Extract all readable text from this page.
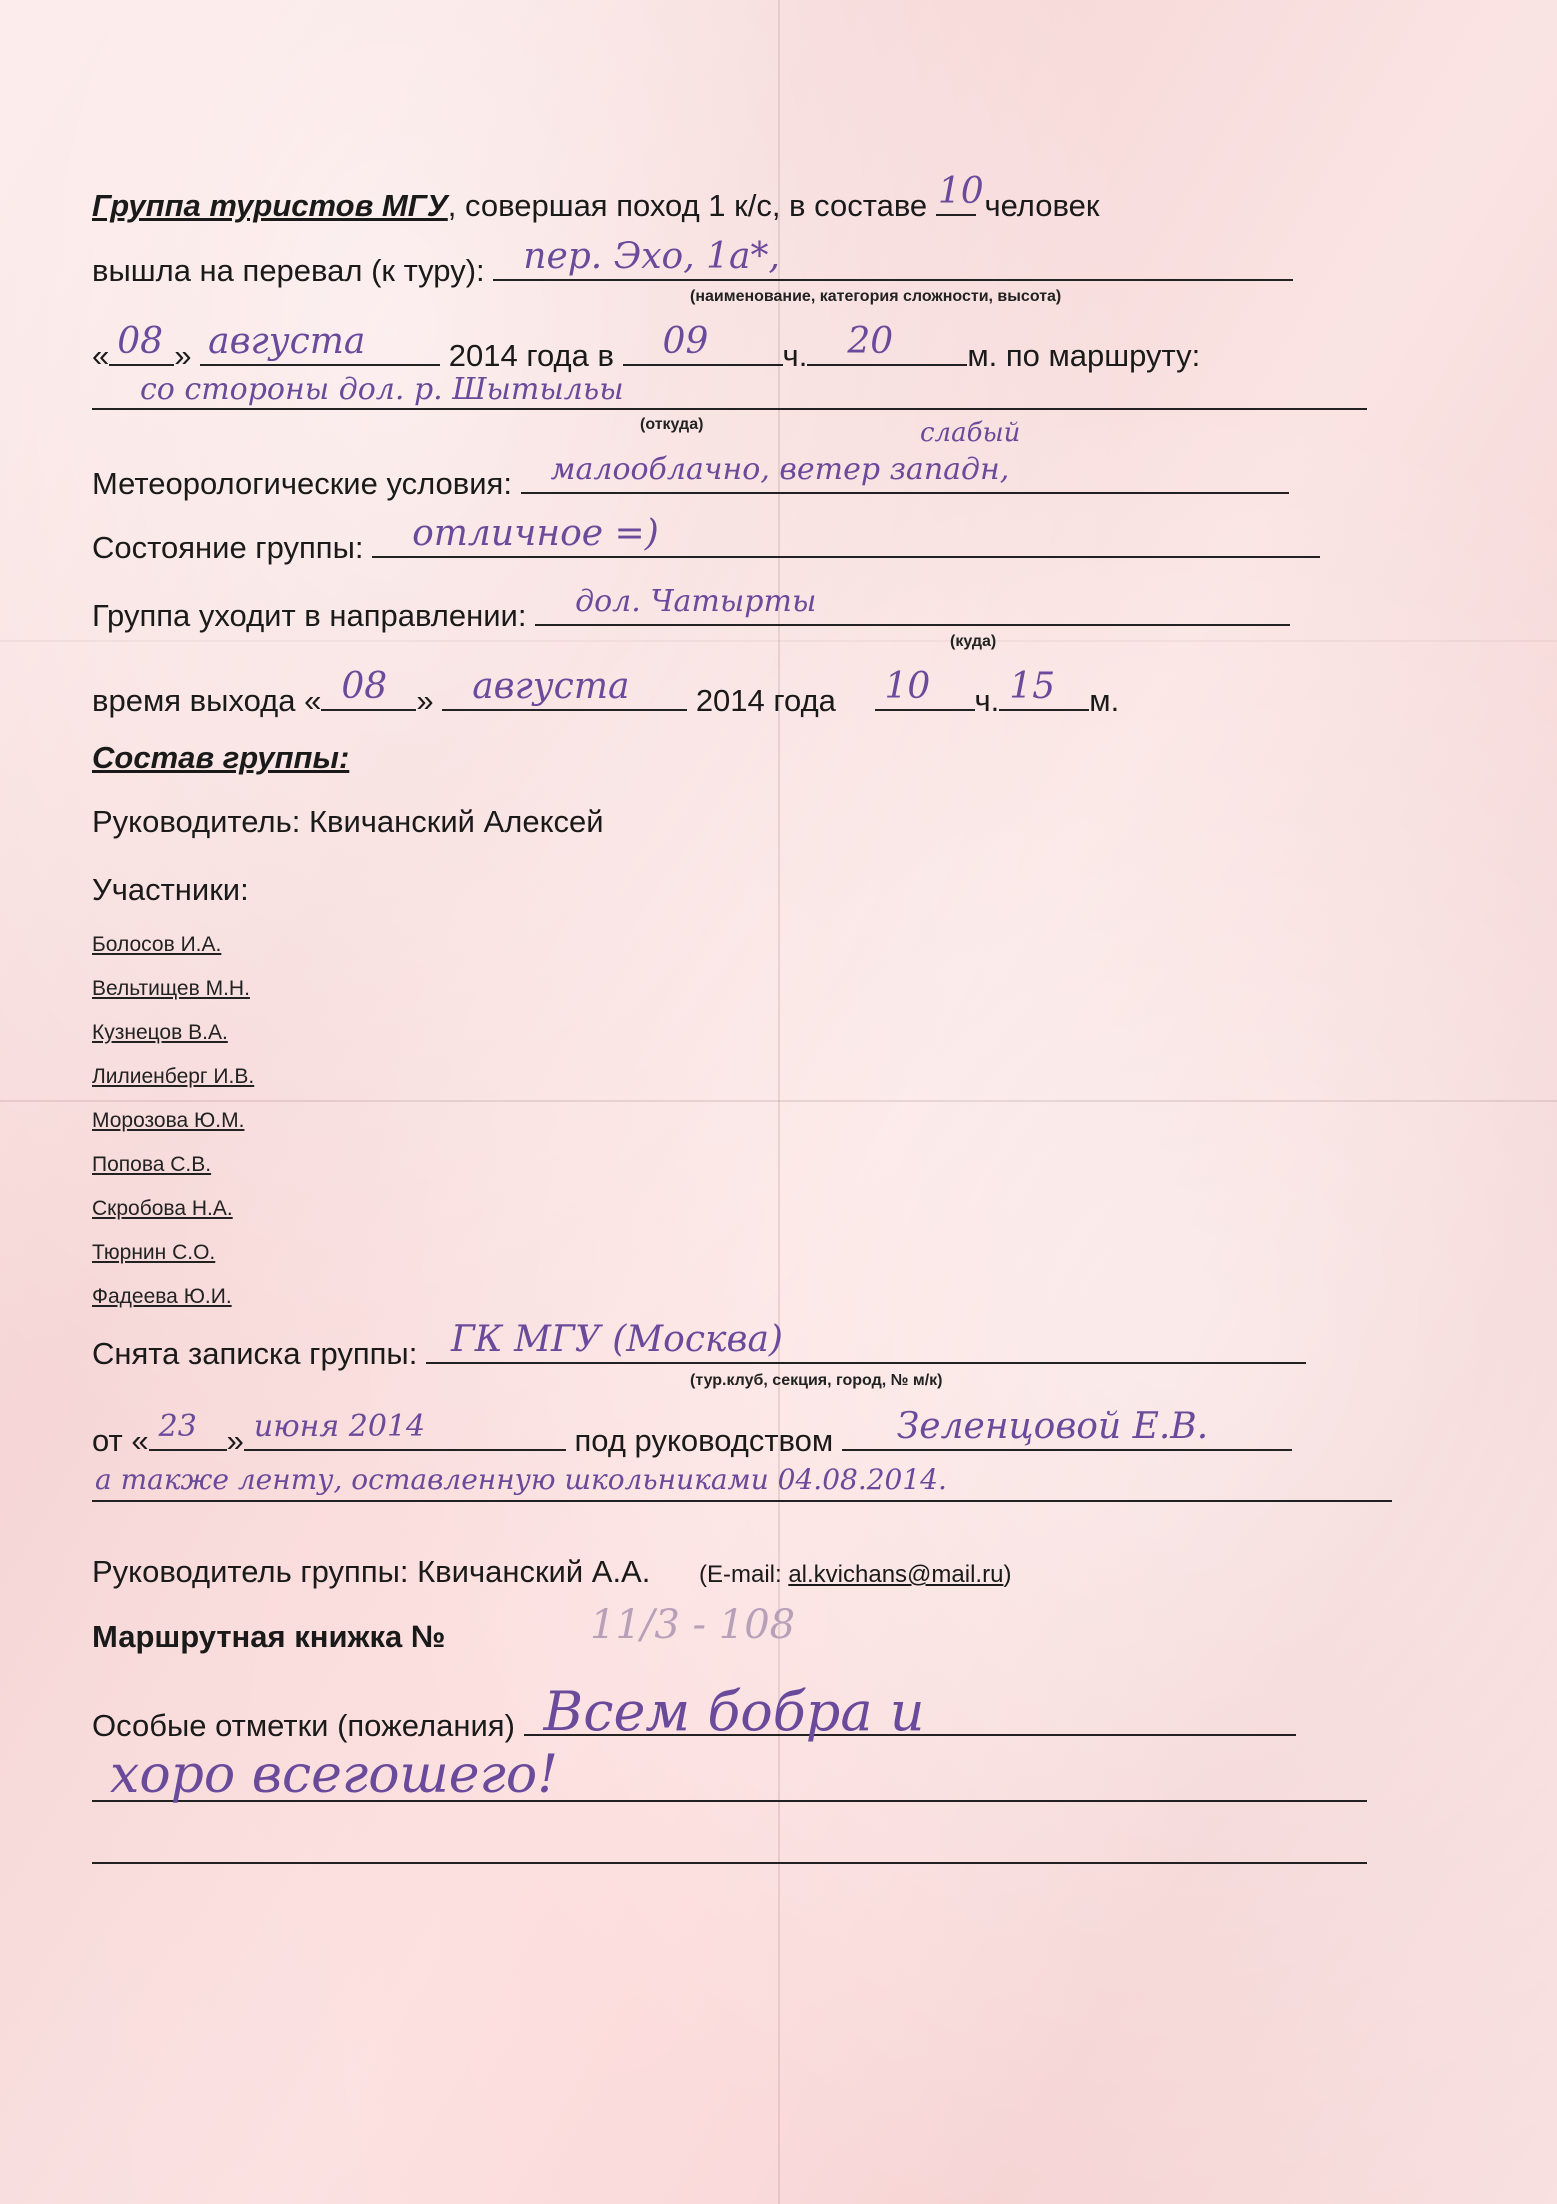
Группа туристов МГУ, совершая поход 1 к/с, в составе 10 человек
вышла на перевал (к туру): пер. Эхо, 1а*,
(наименование, категория сложности, высота)
« 08 » августа	2014 года в 09 ч. 20 м. по маршруту:
со стороны дол. р. Шытыльы
(откуда)	слабый
Метеорологические условия: малооблачно, ветер западн,
Состояние группы: отличное =)
Группа уходит в направлении: дол. Чатырты
(куда)
время выхода « 08 » августа 2014 года 10 ч. 15 м.
Состав группы:
Руководитель: Квичанский Алексей
Участники:
Болосов И.А.
Вельтищев М.Н.
Кузнецов В.А.
Лилиенберг И.В.
Морозова Ю.М.
Попова С.В.
Скробова Н.А.
Тюрнин С.О.
Фадеева Ю.И.
Снята записка группы: ГК МГУ (Москва)
(тур.клуб, секция, город, № м/к)
от « 23 » июня 2014	под руководством Зеленцовой Е.В.
а также ленту, оставленную школьниками 04.08.2014.
Руководитель группы: Квичанский А.А. (E-mail: al.kvichans@mail.ru)
Маршрутная книжка №	11/3 - 108
Особые отметки (пожелания) Всем бобра и
хоро всегошего!
